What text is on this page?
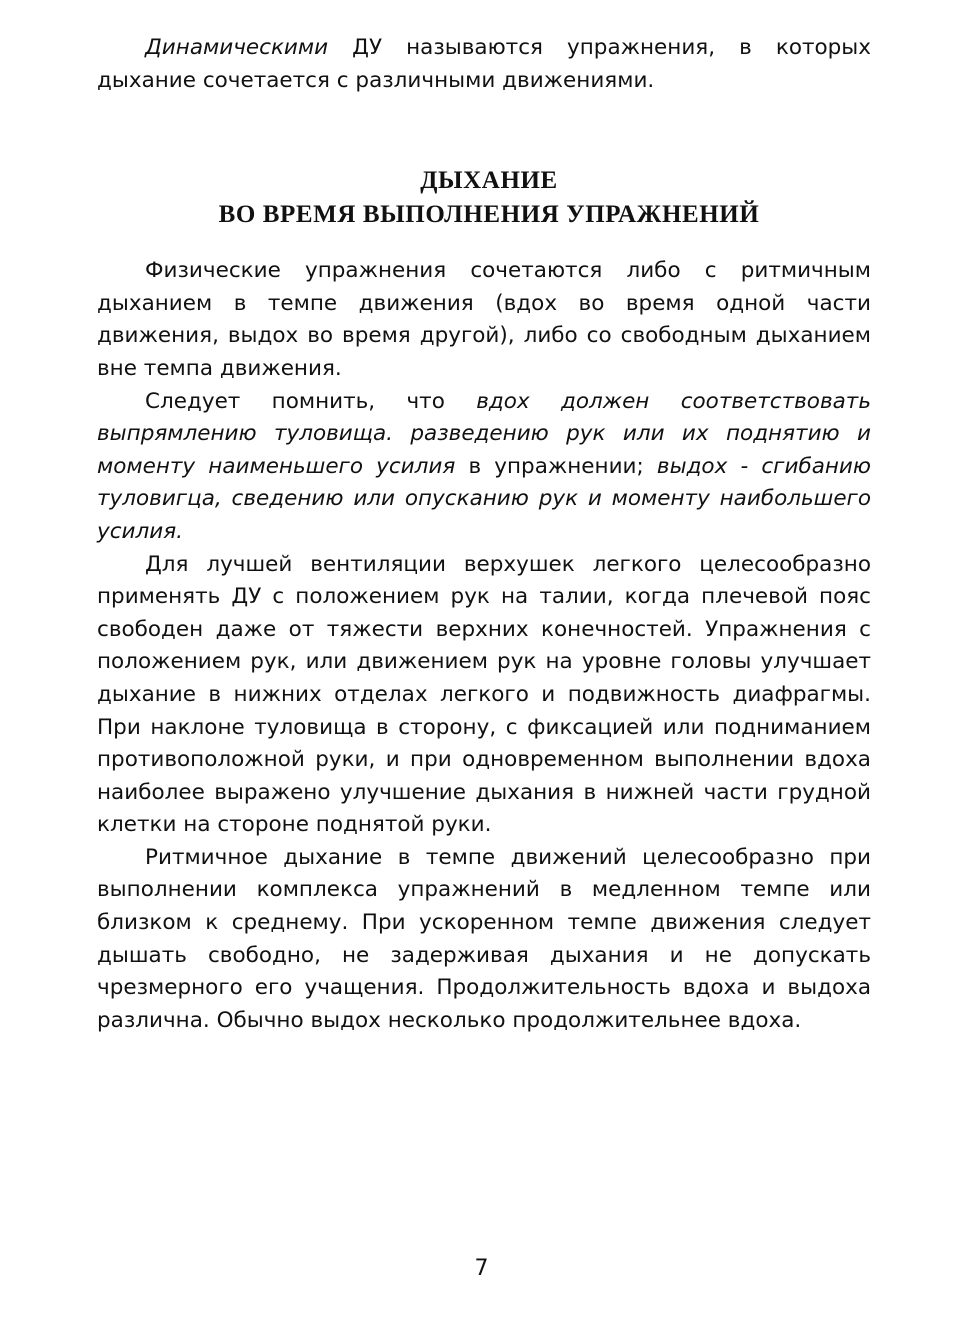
Динамическими ДУ называются упражнения, в которых дыхание сочетается с различными движениями.

ДЫХАНИЕ
ВО ВРЕМЯ ВЫПОЛНЕНИЯ УПРАЖНЕНИЙ

Физические упражнения сочетаются либо с ритмичным дыханием в темпе движения (вдох во время одной части движения, выдох во время другой), либо со свободным дыханием вне темпа движения.

Следует помнить, что вдох должен соответствовать выпрямлению туловища. разведению рук или их поднятию и моменту наименьшего усилия в упражнении; выдох - сгибанию туловигца, сведению или опусканию рук и моменту наибольшего усилия.

Для лучшей вентиляции верхушек легкого целесообразно применять ДУ с положением рук на талии, когда плечевой пояс свободен даже от тяжести верхних конечностей. Упражнения с положением рук, или движением рук на уровне головы улучшает дыхание в нижних отделах легкого и подвижность диафрагмы. При наклоне туловища в сторону, с фиксацией или подниманием противоположной руки, и при одновременном выполнении вдоха наиболее выражено улучшение дыхания в нижней части грудной клетки на стороне поднятой руки.

Ритмичное дыхание в темпе движений целесообразно при выполнении комплекса упражнений в медленном темпе или близком к среднему. При ускоренном темпе движения следует дышать свободно, не задерживая дыхания и не допускать чрезмерного его учащения. Продолжительность вдоха и выдоха различна. Обычно выдох несколько продолжительнее вдоха.

7
